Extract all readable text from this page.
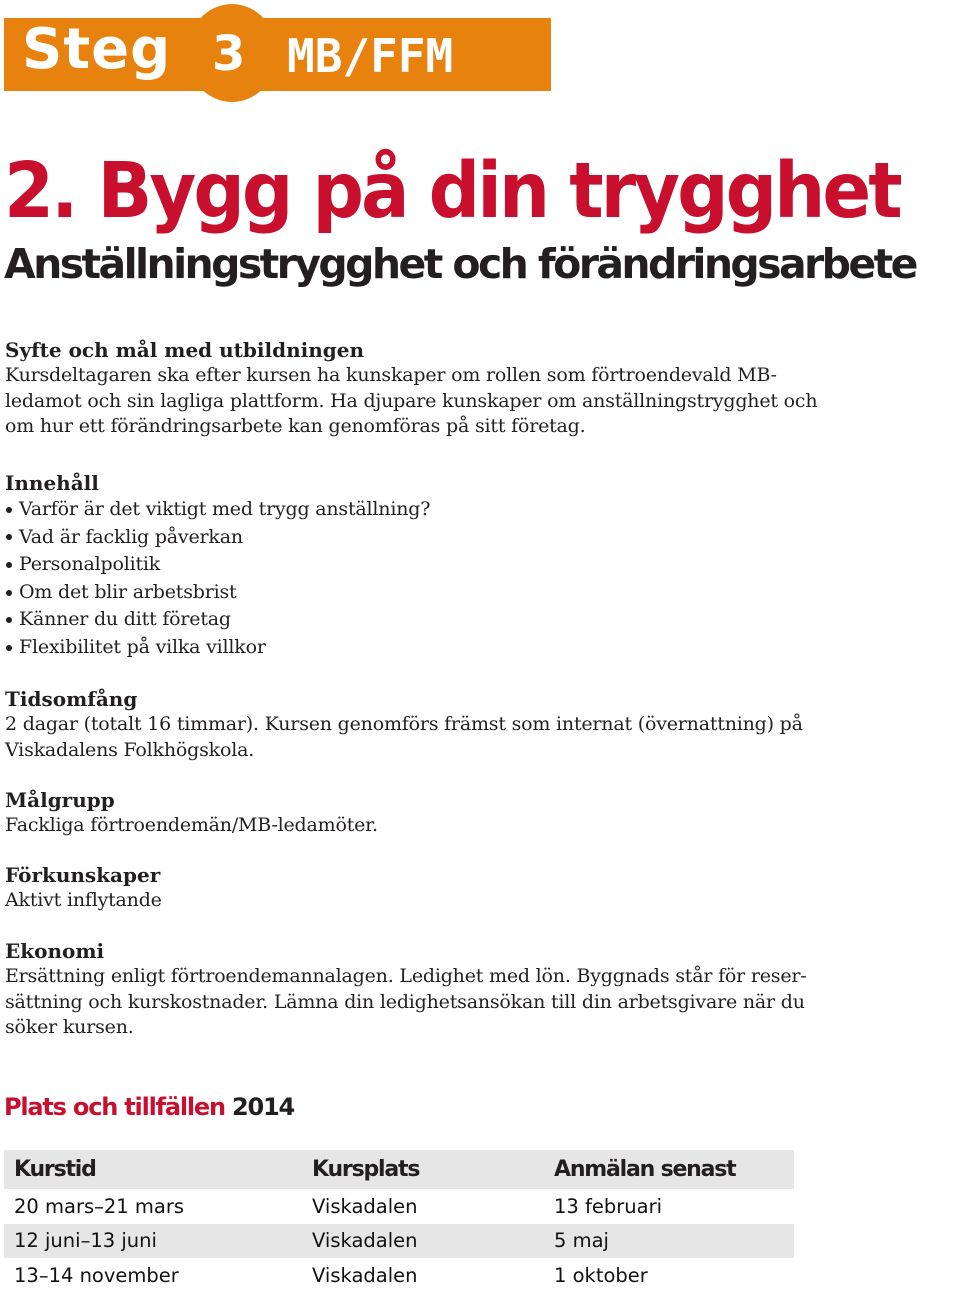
Steg 3 MB/FFM
2. Bygg på din trygghet
Anställningstrygghet och förändringsarbete
Syfte och mål med utbildningen
Kursdeltagaren ska efter kursen ha kunskaper om rollen som förtroendevald MB-
ledamot och sin lagliga plattform. Ha djupare kunskaper om anställningstrygghet och
om hur ett förändringsarbete kan genomföras på sitt företag.
Innehåll
Varför är det viktigt med trygg anställning?
Vad är facklig påverkan
Personalpolitik
Om det blir arbetsbrist
Känner du ditt företag
Flexibilitet på vilka villkor
Tidsomfång
2 dagar (totalt 16 timmar). Kursen genomförs främst som internat (övernattning) på
Viskadalens Folkhögskola.
Målgrupp
Fackliga förtroendemän/MB-ledamöter.
Förkunskaper
Aktivt inflytande
Ekonomi
Ersättning enligt förtroendemannalagen. Ledighet med lön. Byggnads står för reser-
sättning och kurskostnader. Lämna din ledighetsansökan till din arbetsgivare när du
söker kursen.
Plats och tillfällen 2014
Kurstid	Kursplats	Anmälan senast
20 mars–21 mars	Viskadalen	13 februari
12 juni–13 juni	Viskadalen	5 maj
13–14 november	Viskadalen	1 oktober
